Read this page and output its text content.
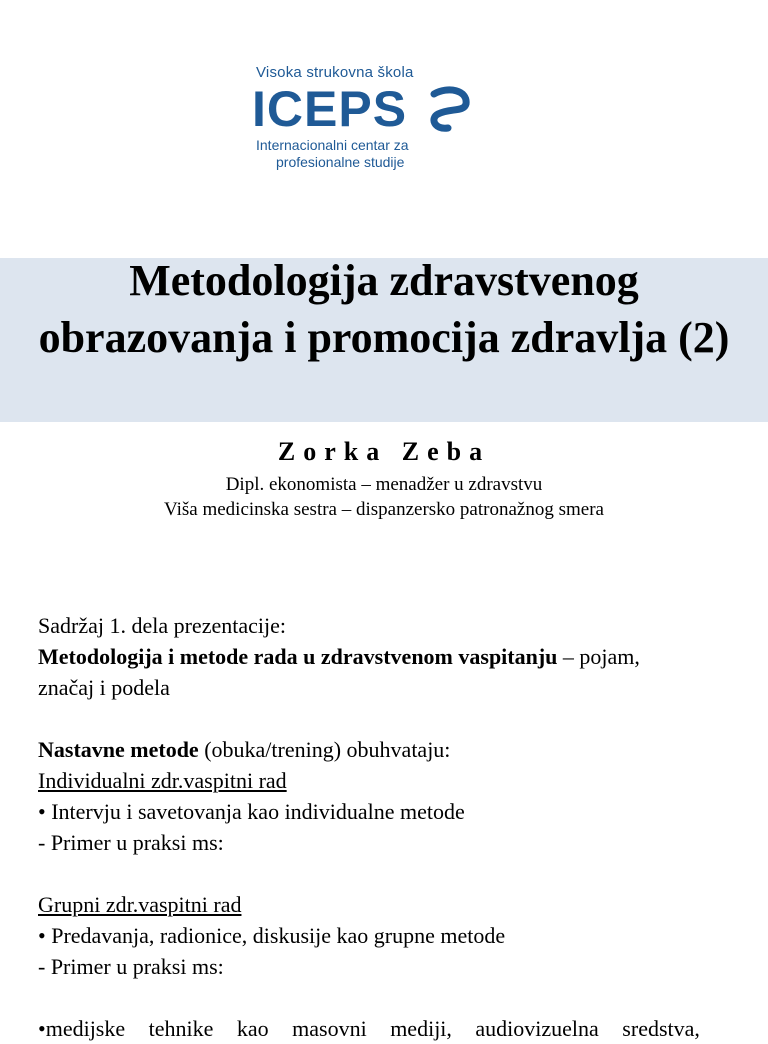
Visoka strukovna škola
ICEPS
Internacionalni centar za
profesionalne studije
Metodologija zdravstvenog
obrazovanja i promocija zdravlja (2)
Zorka Zeba
Dipl. ekonomista – menadžer u zdravstvu
Viša medicinska sestra – dispanzersko patronažnog smera

Sadržaj 1. dela prezentacije:

Metodologija i metode rada u zdravstvenom vaspitanju – pojam,

značaj i podela

Nastavne metode (obuka/trening) obuhvataju:

Individualni zdr.vaspitni rad

• Intervju i savetovanja kao individualne metode

- Primer u praksi ms:

Grupni zdr.vaspitni rad

• Predavanja, radionice, diskusije kao grupne metode

- Primer u praksi ms:

•medijske tehnike kao masovni mediji, audiovizuelna sredstva,
